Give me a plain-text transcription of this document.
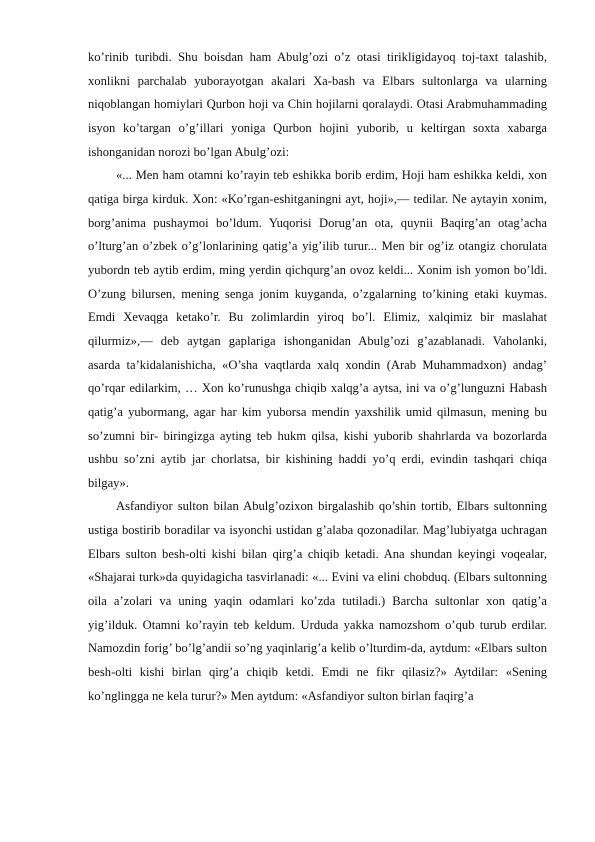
ko’rinib turibdi. Shu boisdan ham Abulg’ozi o’z otasi tirikligidayoq toj-taxt talashib, xonlikni parchalab yuborayotgan akalari Xa-bash va Elbars sultonlarga va ularning niqoblangan homiylari Qurbon hoji va Chin hojilarni qoralaydi. Otasi Arabmuhammading isyon ko’targan o’g’illari yoniga Qurbon hojini yuborib, u keltirgan soxta xabarga ishonganidan norozi bo’lgan Abulg’ozi:

«... Men ham otamni ko’rayin teb eshikka borib erdim, Hoji ham eshikka keldi, xon qatiga birga kirduk. Xon: «Ko’rgan-eshitganingni ayt, hoji»,— tedilar. Ne aytayin xonim, borg’anima pushaymoi bo’ldum. Yuqorisi Dorug’an ota, quynii Baqirg’an otag’acha o’lturg’an o’zbek o’g’lonlarining qatig’a yig’ilib turur... Men bir og’iz otangiz chorulata yubordn teb aytib erdim, ming yerdin qichqurg’an ovoz keldi... Xonim ish yomon bo’ldi. O’zung bilursen, mening senga jonim kuyganda, o’zgalarning to’kining etaki kuymas. Emdi Xevaqga ketako’r. Bu zolimlardin yiroq bo’l. Elimiz, xalqimiz bir maslahat qilurmiz»,— deb aytgan gaplariga ishonganidan Abulg’ozi g’azablanadi. Vaholanki, asarda ta’kidalanishicha, «O’sha vaqtlarda xalq xondin (Arab Muhammadxon) andag’ qo’rqar edilarkim, … Xon ko’runushga chiqib xalqg’a aytsa, ini va o’g’lunguzni Habash qatig’a yubormang, agar har kim yuborsa mendin yaxshilik umid qilmasun, mening bu so’zumni bir- biringizga ayting teb hukm qilsa, kishi yuborib shahrlarda va bozorlarda ushbu so’zni aytib jar chorlatsa, bir kishining haddi yo’q erdi, evindin tashqari chiqa bilgay».

Asfandiyor sulton bilan Abulg’ozixon birgalashib qo’shin tortib, Elbars sultonning ustiga bostirib boradilar va isyonchi ustidan g’alaba qozonadilar. Mag’lubiyatga uchragan Elbars sulton besh-olti kishi bilan qirg’a chiqib ketadi. Ana shundan keyingi voqealar, «Shajarai turk»da quyidagicha tasvirlanadi: «... Evini va elini chobduq. (Elbars sultonning oila a’zolari va uning yaqin odamlari ko’zda tutiladi.) Barcha sultonlar xon qatig’a yig’ilduk. Otamni ko’rayin teb keldum. Urduda yakka namozshom o’qub turub erdilar. Namozdin forig’ bo’lg’andii so’ng yaqinlarig’a kelib o’lturdim-da, aytdum: «Elbars sulton besh-olti kishi birlan qirg’a chiqib ketdi. Emdi ne fikr qilasiz?» Aytdilar: «Sening ko’nglingga ne kela turur?» Men aytdum: «Asfandiyor sulton birlan faqirg’a
